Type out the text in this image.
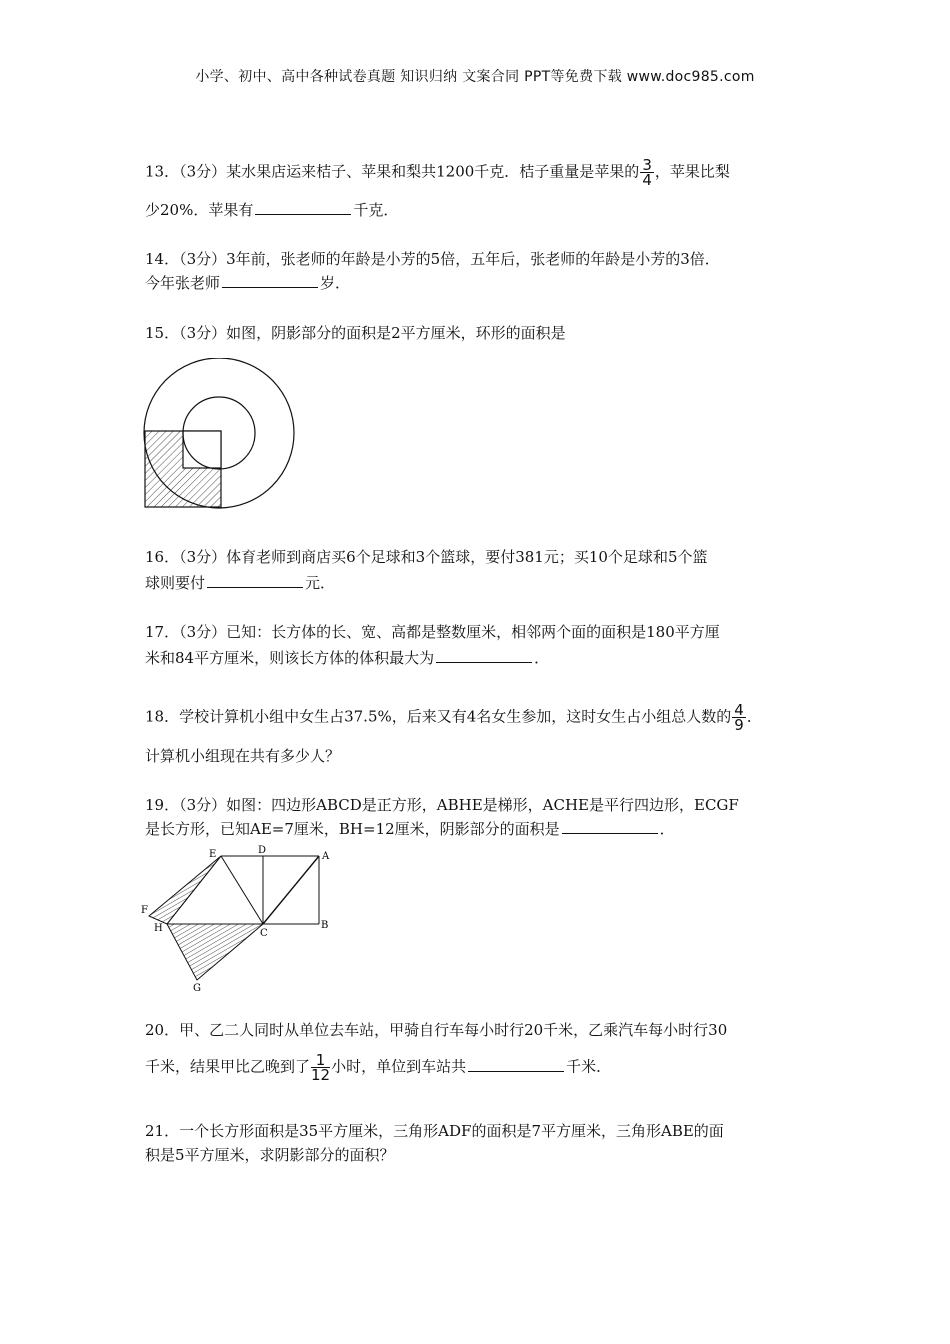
小学、初中、高中各种试卷真题 知识归纳 文案合同 PPT等免费下载 www.doc985.com
13．（3分）某水果店运来桔子、苹果和梨共1200千克．桔子重量是苹果的 $\frac{3}{4}$ ，苹果比梨
少20%．苹果有	千克．
14．（3分）3年前，张老师的年龄是小芳的5倍，五年后，张老师的年龄是小芳的3倍．
今年张老师	岁．
15．（3分）如图，阴影部分的面积是2平方厘米，环形的面积是
16．（3分）体育老师到商店买6个足球和3个篮球，要付381元；买10个足球和5个篮
球则要付	元．
17．（3分）已知：长方体的长、宽、高都是整数厘米，相邻两个面的面积是180平方厘
米和84平方厘米，则该长方体的体积最大为	．
18．学校计算机小组中女生占37.5%，后来又有4名女生参加，这时女生占小组总人数的 $\frac{4}{9}$ ．
计算机小组现在共有多少人？
19．（3分）如图：四边形ABCD是正方形，ABHE是梯形，ACHE是平行四边形，ECGF
是长方形，已知AE=7厘米，BH=12厘米，阴影部分的面积是	．
E	D
A
F
H	C
B
G
20．甲、乙二人同时从单位去车站，甲骑自行车每小时行20千米，乙乘汽车每小时行30
千米，结果甲比乙晚到了 $\frac{1}{12}$ 小时，单位到车站共	千米．
21．一个长方形面积是35平方厘米，三角形ADF的面积是7平方厘米，三角形ABE的面
积是5平方厘米，求阴影部分的面积？
